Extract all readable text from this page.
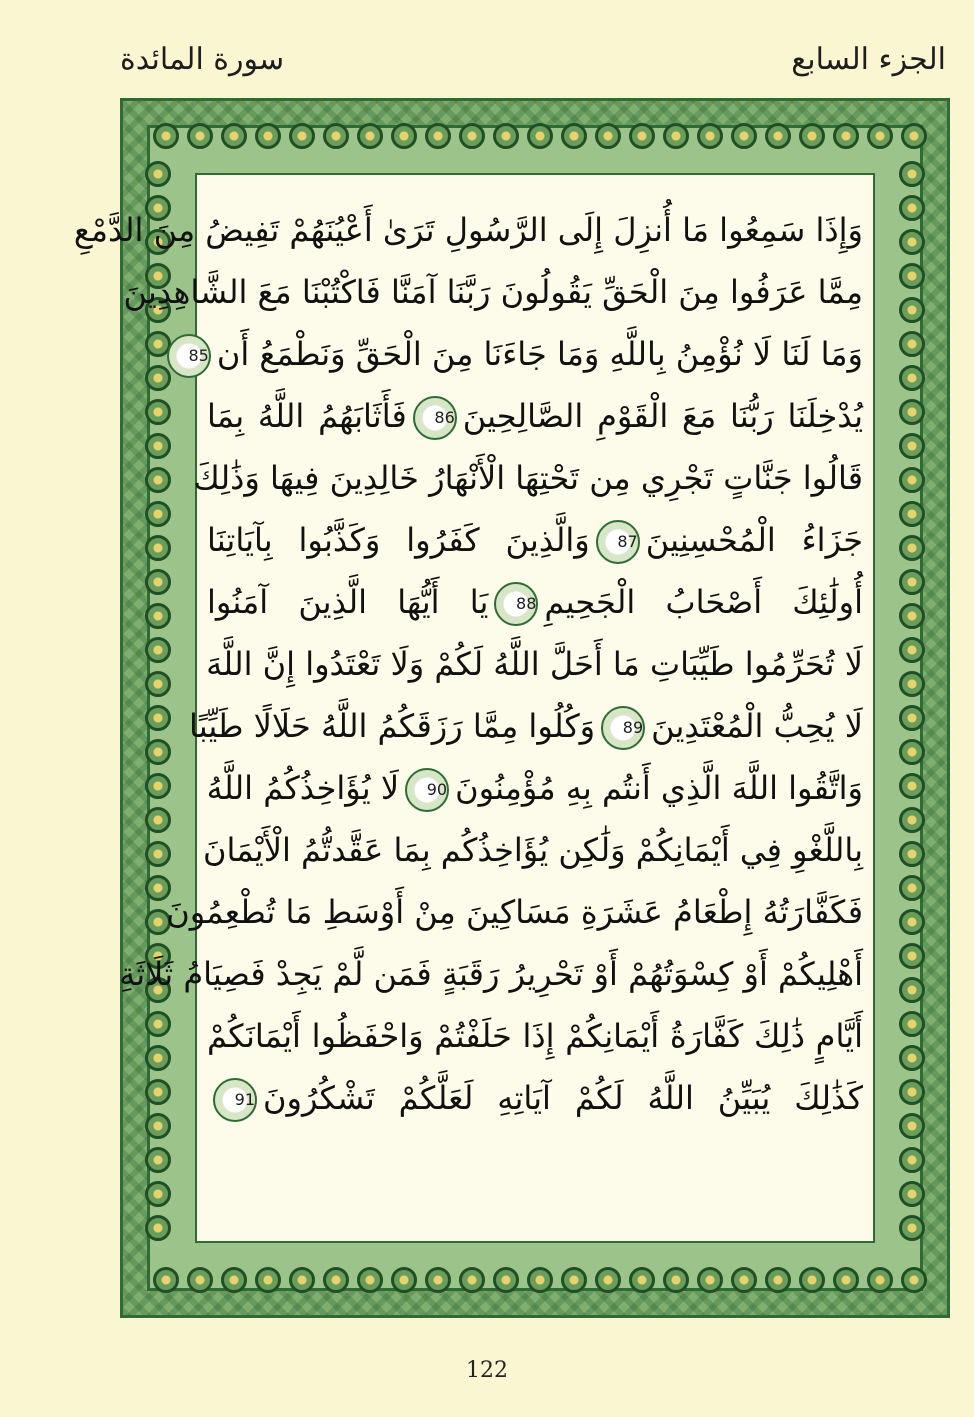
الجزء السابع
سورة المائدة
وَإِذَا سَمِعُوا مَا أُنزِلَ إِلَى الرَّسُولِ تَرَىٰ أَعْيُنَهُمْ تَفِيضُ مِنَ الدَّمْعِ
مِمَّا عَرَفُوا مِنَ الْحَقِّ يَقُولُونَ رَبَّنَا آمَنَّا فَاكْتُبْنَا مَعَ الشَّاهِدِينَ
وَمَا لَنَا لَا نُؤْمِنُ بِاللَّهِ وَمَا جَاءَنَا مِنَ الْحَقِّ وَنَطْمَعُ أَن85
يُدْخِلَنَا رَبُّنَا مَعَ الْقَوْمِ الصَّالِحِينَ86فَأَثَابَهُمُ اللَّهُ بِمَا
قَالُوا جَنَّاتٍ تَجْرِي مِن تَحْتِهَا الْأَنْهَارُ خَالِدِينَ فِيهَا وَذَٰلِكَ
جَزَاءُ الْمُحْسِنِينَ87وَالَّذِينَ كَفَرُوا وَكَذَّبُوا بِآيَاتِنَا
أُولَٰئِكَ أَصْحَابُ الْجَحِيمِ88يَا أَيُّهَا الَّذِينَ آمَنُوا
لَا تُحَرِّمُوا طَيِّبَاتِ مَا أَحَلَّ اللَّهُ لَكُمْ وَلَا تَعْتَدُوا إِنَّ اللَّهَ
لَا يُحِبُّ الْمُعْتَدِينَ89وَكُلُوا مِمَّا رَزَقَكُمُ اللَّهُ حَلَالًا طَيِّبًا
وَاتَّقُوا اللَّهَ الَّذِي أَنتُم بِهِ مُؤْمِنُونَ90لَا يُؤَاخِذُكُمُ اللَّهُ
بِاللَّغْوِ فِي أَيْمَانِكُمْ وَلَٰكِن يُؤَاخِذُكُم بِمَا عَقَّدتُّمُ الْأَيْمَانَ
فَكَفَّارَتُهُ إِطْعَامُ عَشَرَةِ مَسَاكِينَ مِنْ أَوْسَطِ مَا تُطْعِمُونَ
أَهْلِيكُمْ أَوْ كِسْوَتُهُمْ أَوْ تَحْرِيرُ رَقَبَةٍ فَمَن لَّمْ يَجِدْ فَصِيَامُ ثَلَاثَةِ
أَيَّامٍ ذَٰلِكَ كَفَّارَةُ أَيْمَانِكُمْ إِذَا حَلَفْتُمْ وَاحْفَظُوا أَيْمَانَكُمْ
كَذَٰلِكَ يُبَيِّنُ اللَّهُ لَكُمْ آيَاتِهِ لَعَلَّكُمْ تَشْكُرُونَ91
122
